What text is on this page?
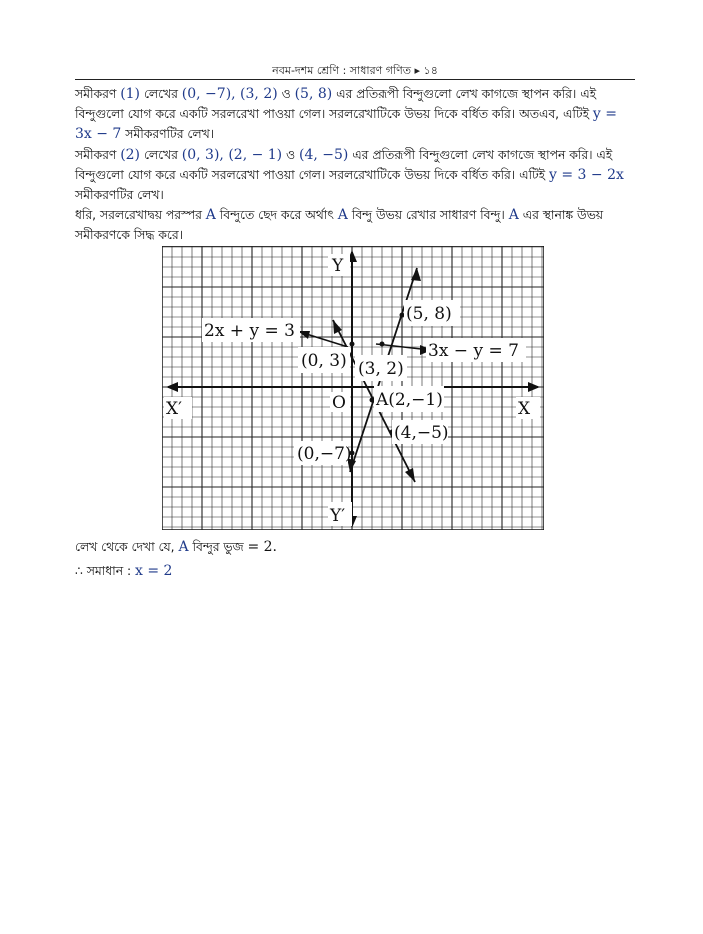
নবম-দশম শ্রেণি : সাধারণ গণিত ▸ ১৪
সমীকরণ (1) লেখের (0, −7), (3, 2) ও (5, 8) এর প্রতিরূপী বিন্দুগুলো লেখ কাগজে স্থাপন করি। এই বিন্দুগুলো যোগ করে একটি সরলরেখা পাওয়া গেল। সরলরেখাটিকে উভয় দিকে বর্ধিত করি। অতএব, এটিই y = 3x − 7 সমীকরণটির লেখ।
সমীকরণ (2) লেখের (0, 3), (2, − 1) ও (4, −5) এর প্রতিরূপী বিন্দুগুলো লেখ কাগজে স্থাপন করি। এই বিন্দুগুলো যোগ করে একটি সরলরেখা পাওয়া গেল। সরলরেখাটিকে উভয় দিকে বর্ধিত করি। এটিই y = 3 − 2x সমীকরণটির লেখ।
ধরি, সরলরেখাদ্বয় পরস্পর A বিন্দুতে ছেদ করে অর্থাৎ A বিন্দু উভয় রেখার সাধারণ বিন্দু। A এর স্থানাঙ্ক উভয় সমীকরণকে সিদ্ধ করে।
Y
Y′
X′	X
O
2x + y = 3
3x − y = 7
(5, 8)
(0, 3) (3, 2)
A(2,−1)
(4,−5)
(0,−7)
লেখ থেকে দেখা যে, A বিন্দুর ভুজ = 2.
∴ সমাধান : x = 2
